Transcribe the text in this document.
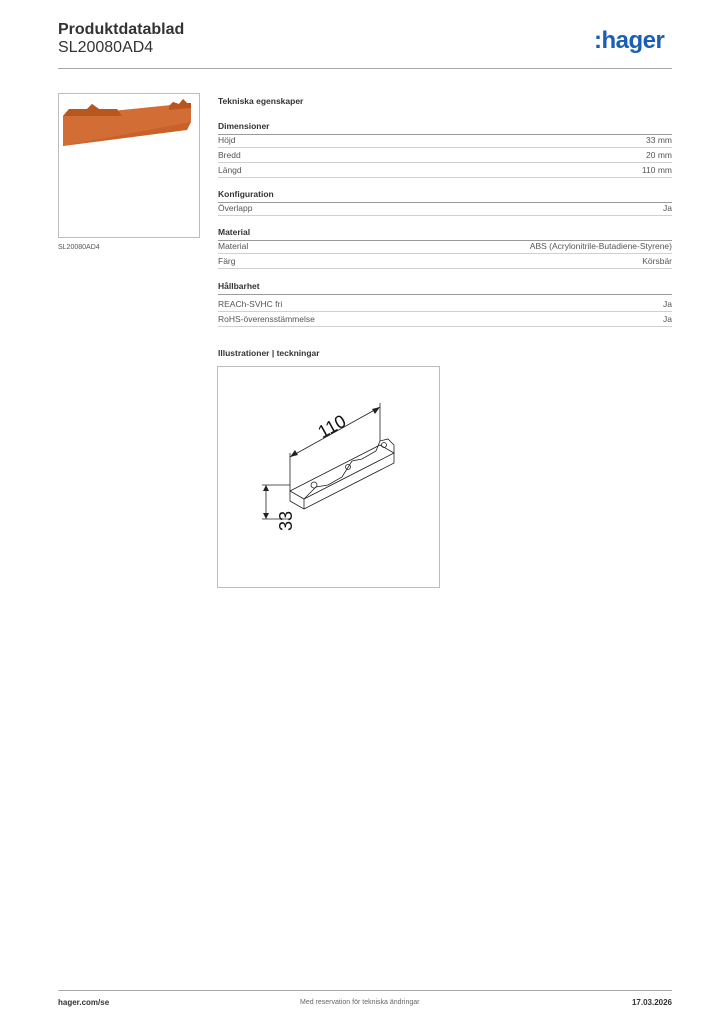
Produktdatablad
SL20080AD4	:hager
SL20080AD4
Tekniska egenskaper
Dimensioner
Höjd	33 mm
Bredd	20 mm
Längd	110 mm
Konfiguration
Överlapp	Ja
Material
Material	ABS (Acrylonitrile-Butadiene-Styrene)
Färg	Körsbär
Hållbarhet
REACh-SVHC fri	Ja
RoHS-överensstämmelse	Ja
Illustrationer | teckningar
110
33
hager.com/se	Med reservation för tekniska ändringar	17.03.2026
